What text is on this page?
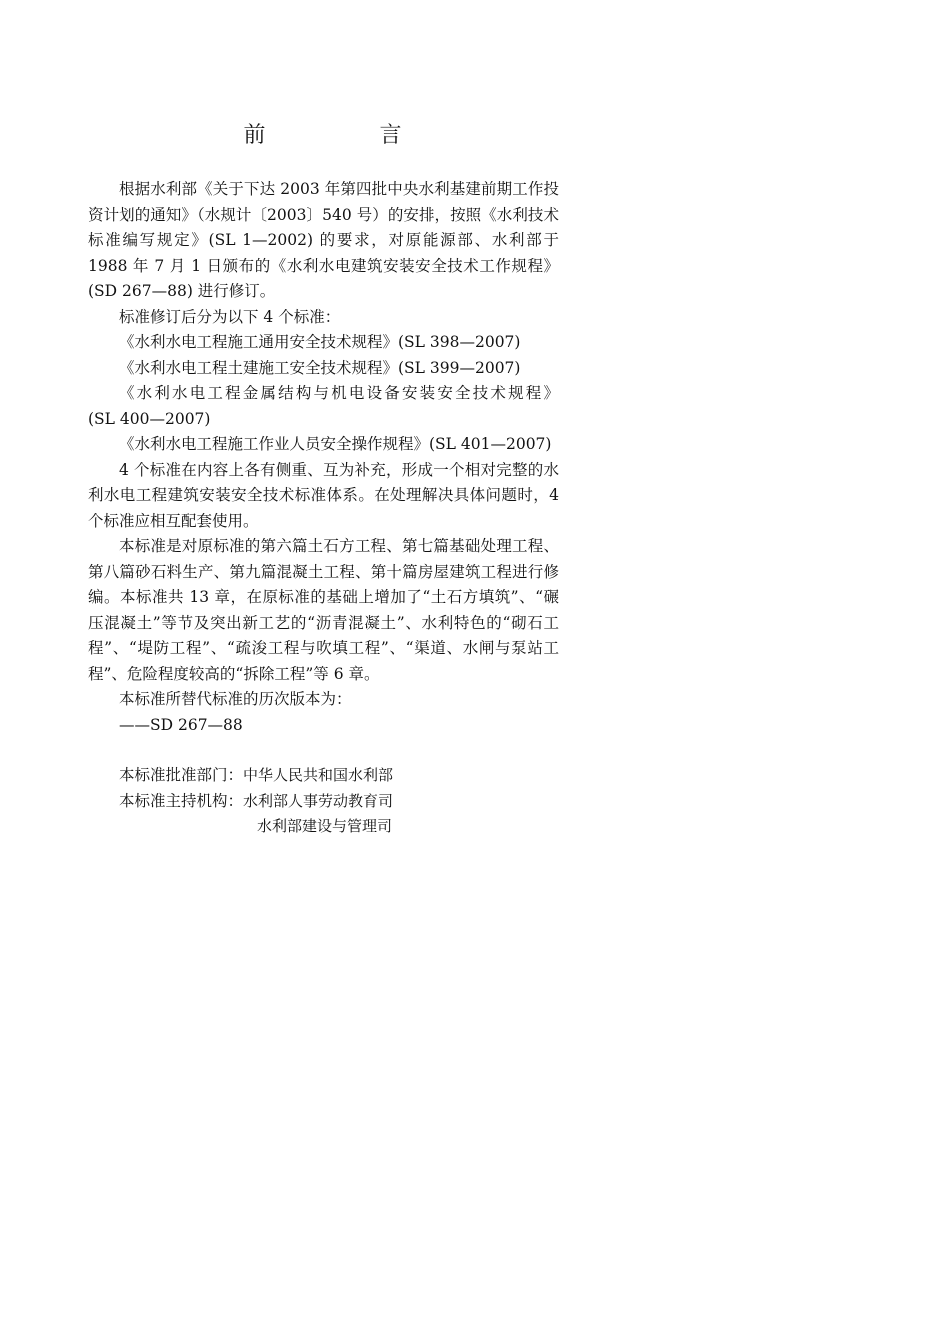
前　言

根据水利部《关于下达 2003 年第四批中央水利基建前期工作投资计划的通知》（水规计〔2003〕540 号）的安排，按照《水利技术标准编写规定》(SL 1—2002) 的要求，对原能源部、水利部于 1988 年 7 月 1 日颁布的《水利水电建筑安装安全技术工作规程》(SD 267—88) 进行修订。

标准修订后分为以下 4 个标准：

《水利水电工程施工通用安全技术规程》(SL 398—2007)

《水利水电工程土建施工安全技术规程》(SL 399—2007)

《水利水电工程金属结构与机电设备安装安全技术规程》

(SL 400—2007)

《水利水电工程施工作业人员安全操作规程》(SL 401—2007)

4 个标准在内容上各有侧重、互为补充，形成一个相对完整的水利水电工程建筑安装安全技术标准体系。在处理解决具体问题时，4 个标准应相互配套使用。

本标准是对原标准的第六篇土石方工程、第七篇基础处理工程、第八篇砂石料生产、第九篇混凝土工程、第十篇房屋建筑工程进行修编。本标准共 13 章，在原标准的基础上增加了“土石方填筑”、“碾压混凝土”等节及突出新工艺的“沥青混凝土”、水利特色的“砌石工程”、“堤防工程”、“疏浚工程与吹填工程”、“渠道、水闸与泵站工程”、危险程度较高的“拆除工程”等 6 章。

本标准所替代标准的历次版本为：

——SD 267—88

本标准批准部门： 中华人民共和国水利部
本标准主持机构： 水利部人事劳动教育司
水利部建设与管理司
